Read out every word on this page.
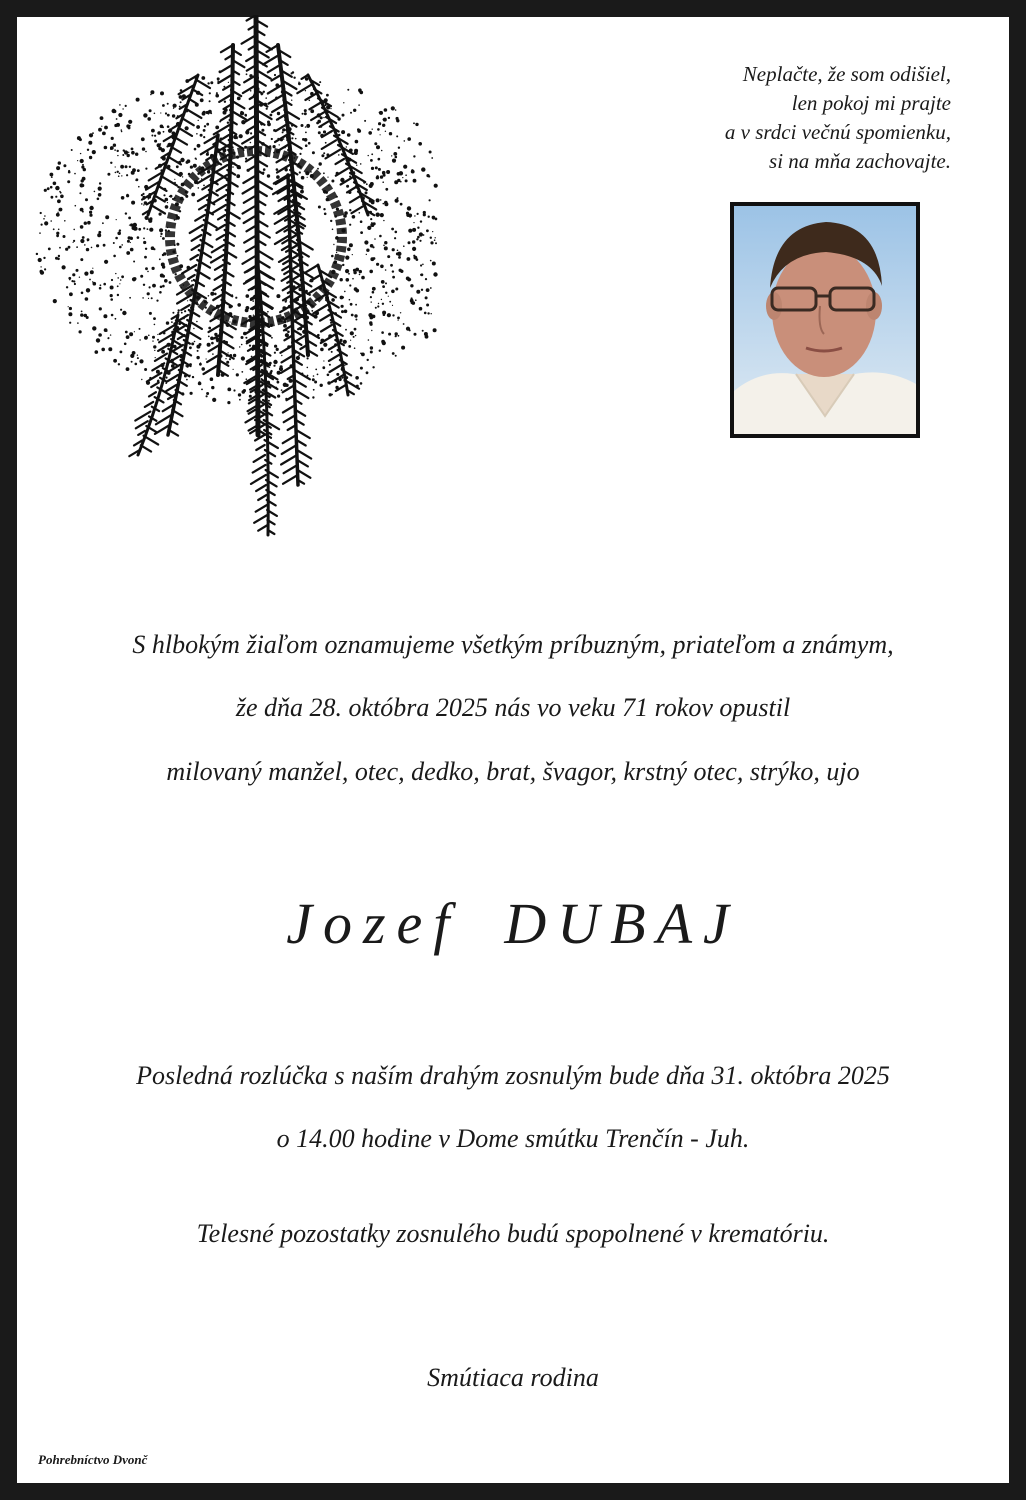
Neplačte, že som odišiel,
len pokoj mi prajte
a v srdci večnú spomienku,
si na mňa zachovajte.
S hlbokým žiaľom oznamujeme všetkým príbuzným, priateľom a známym,
že dňa 28. októbra 2025 nás vo veku 71 rokov opustil
milovaný manžel, otec, dedko, brat, švagor, krstný otec, strýko, ujo
Jozef DUBAJ
Posledná rozlúčka s naším drahým zosnulým bude dňa 31. októbra 2025
o 14.00 hodine v Dome smútku Trenčín - Juh.
Telesné pozostatky zosnulého budú spopolnené v krematóriu.
Smútiaca rodina
Pohrebníctvo Dvonč
